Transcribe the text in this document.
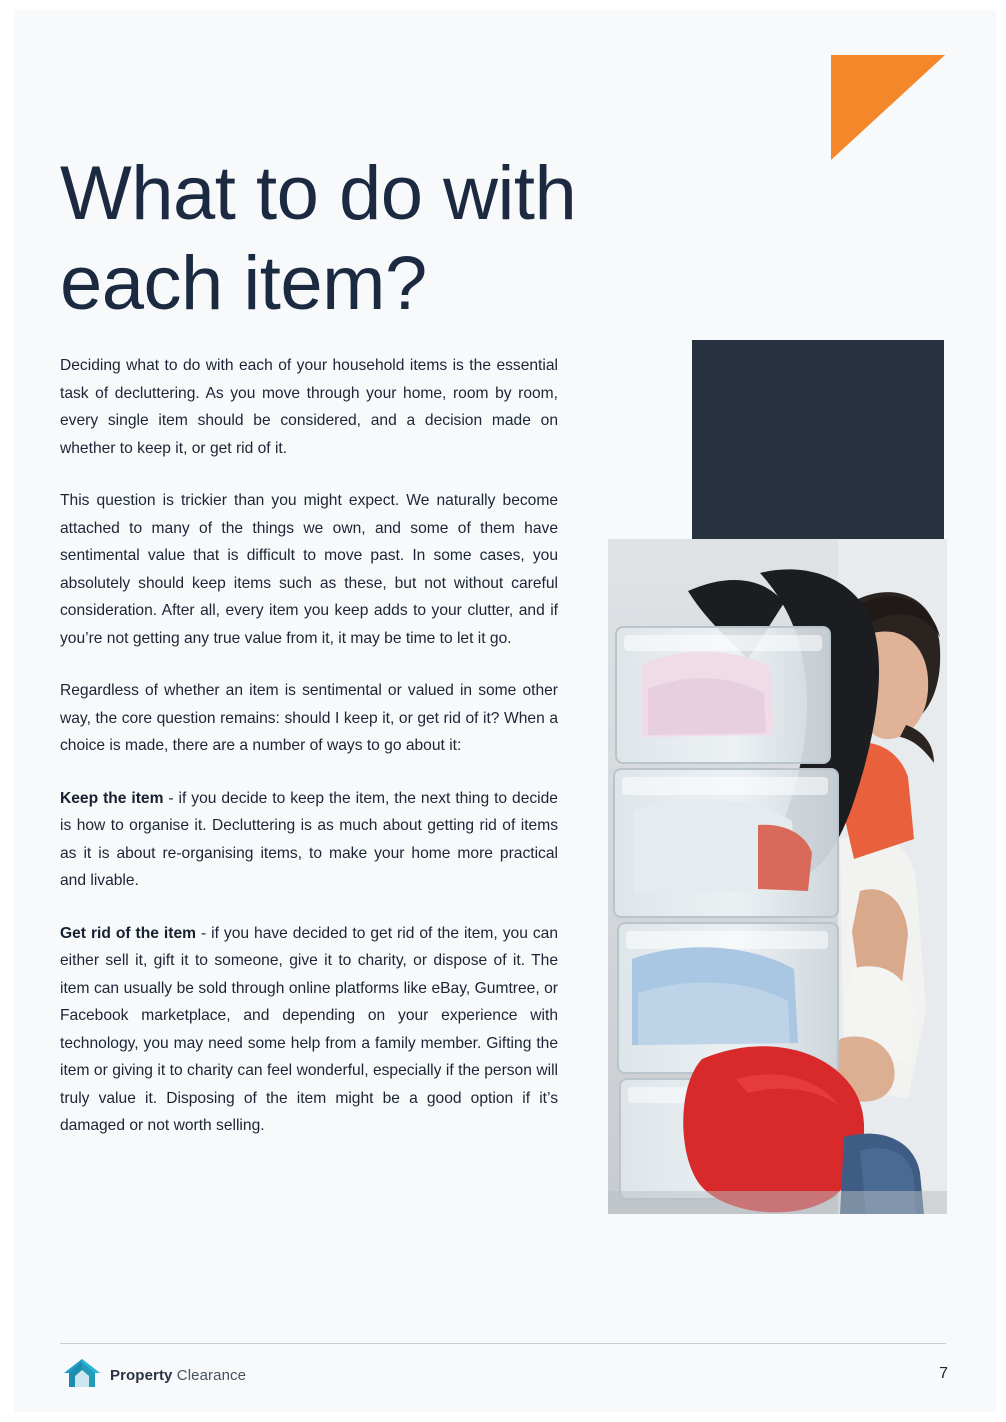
What to do with each item?

Deciding what to do with each of your household items is the essential task of decluttering. As you move through your home, room by room, every single item should be considered, and a decision made on whether to keep it, or get rid of it.

This question is trickier than you might expect. We naturally become attached to many of the things we own, and some of them have sentimental value that is difficult to move past. In some cases, you absolutely should keep items such as these, but not without careful consideration. After all, every item you keep adds to your clutter, and if you’re not getting any true value from it, it may be time to let it go.

Regardless of whether an item is sentimental or valued in some other way, the core question remains: should I keep it, or get rid of it? When a choice is made, there are a number of ways to go about it:

Keep the item - if you decide to keep the item, the next thing to decide is how to organise it. Decluttering is as much about getting rid of items as it is about re-organising items, to make your home more practical and livable.

Get rid of the item - if you have decided to get rid of the item, you can either sell it, gift it to someone, give it to charity, or dispose of it. The item can usually be sold through online platforms like eBay, Gumtree, or Facebook marketplace, and depending on your experience with technology, you may need some help from a family member. Gifting the item or giving it to charity can feel wonderful, especially if the person will truly value it. Disposing of the item might be a good option if it’s damaged or not worth selling.

Property Clearance	7
